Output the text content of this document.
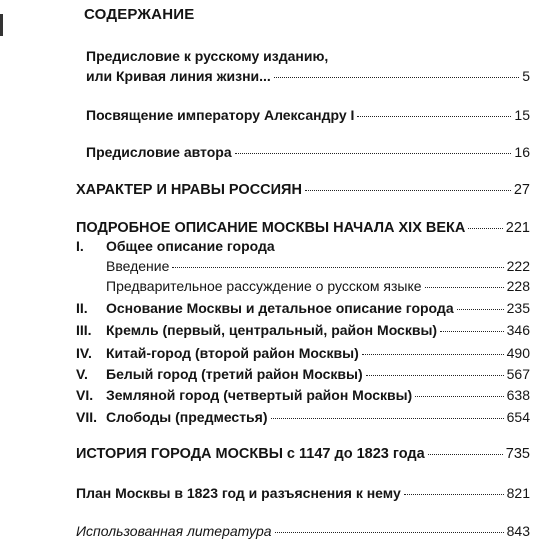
СОДЕРЖАНИЕ
Предисловие к русскому изданию,
или Кривая линия жизни...	5
Посвящение императору Александру I	15
Предисловие автора	16
ХАРАКТЕР И НРАВЫ РОССИЯН	27
ПОДРОБНОЕ ОПИСАНИЕ МОСКВЫ НАЧАЛА XIX ВЕКА	221
I. Общее описание города
Введение	222
Предварительное рассуждение о русском языке	228
II. Основание Москвы и детальное описание города	235
III. Кремль (первый, центральный, район Москвы)	346
IV. Китай-город (второй район Москвы)	490
V. Белый город (третий район Москвы)	567
VI. Земляной город (четвертый район Москвы)	638
VII. Слободы (предместья)	654
ИСТОРИЯ ГОРОДА МОСКВЫ с 1147 до 1823 года	735
План Москвы в 1823 год и разъяснения к нему	821
Использованная литература	843
